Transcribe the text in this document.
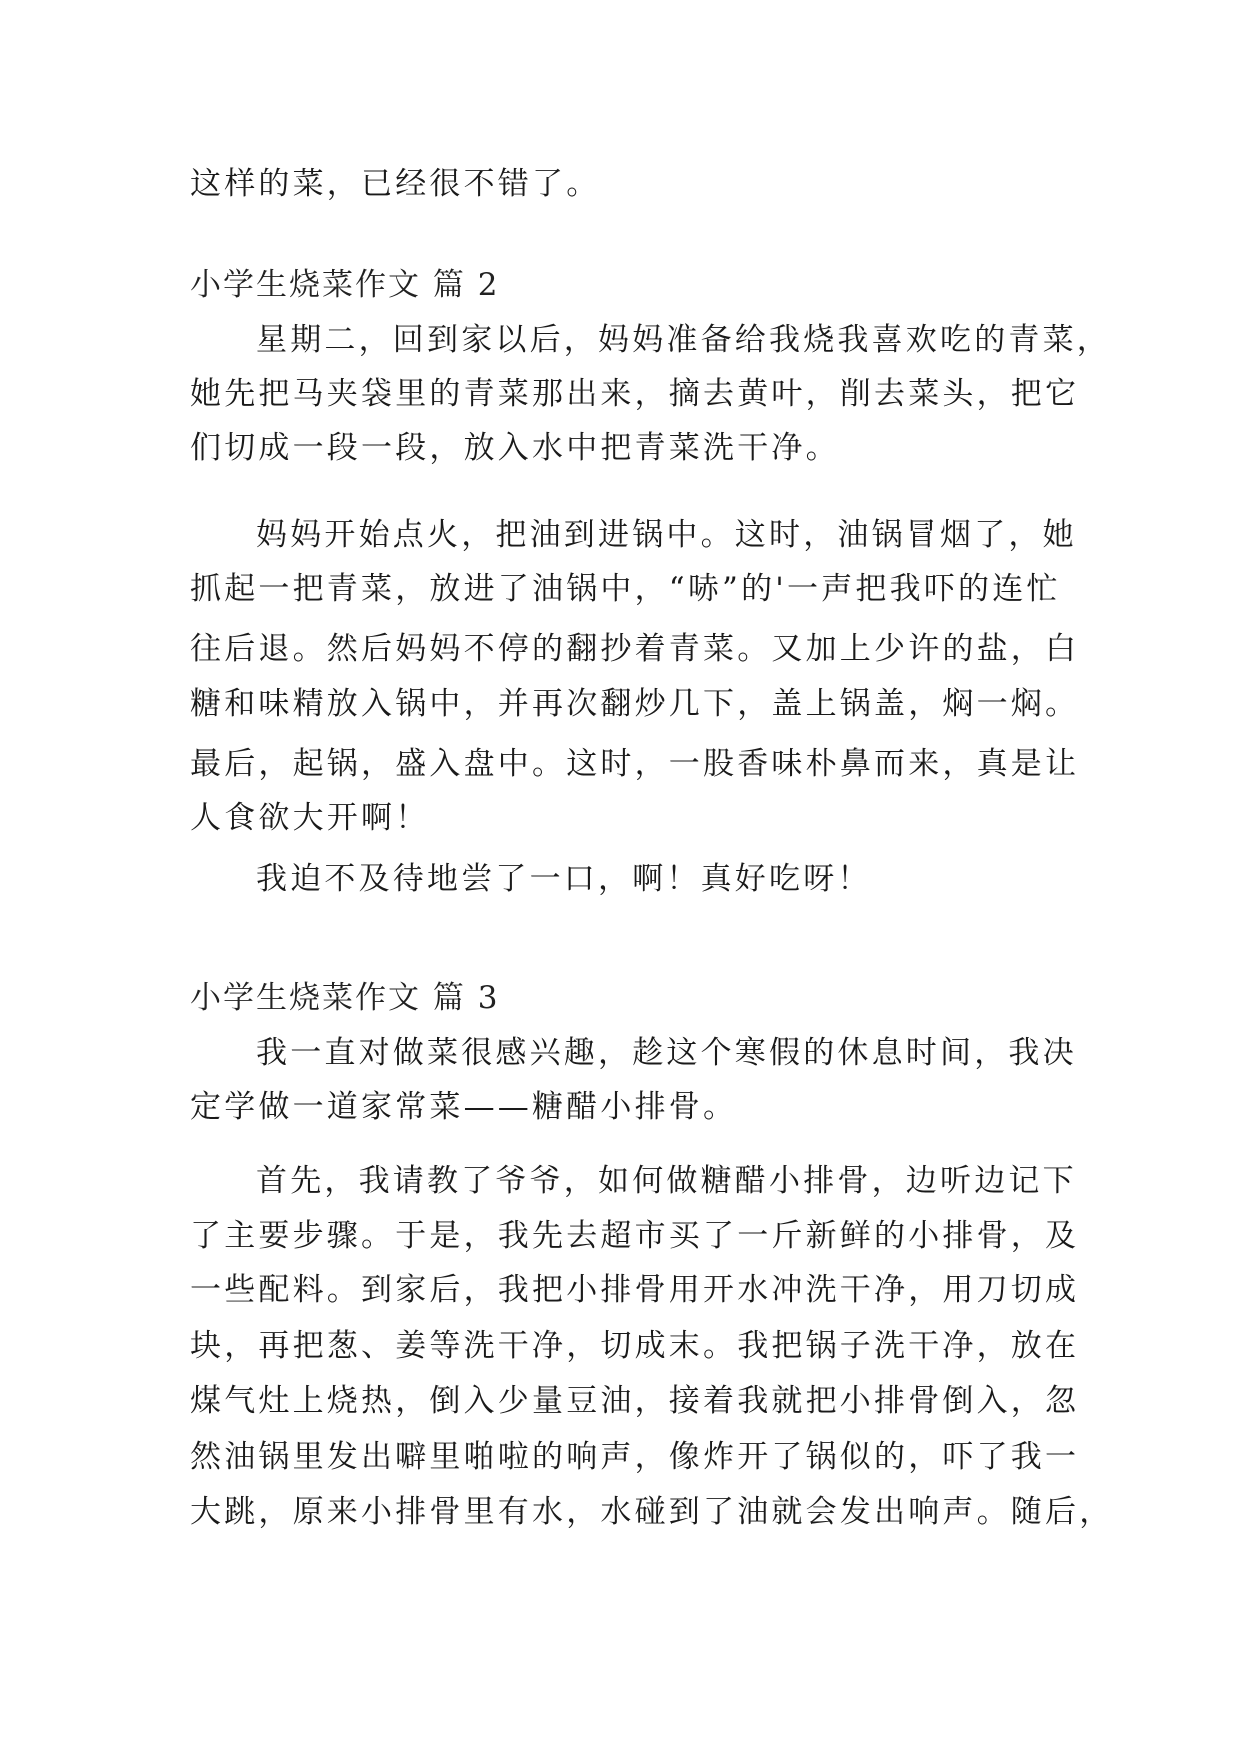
这样的菜，已经很不错了。
小学生烧菜作文 篇 2
星期二，回到家以后，妈妈准备给我烧我喜欢吃的青菜，
她先把马夹袋里的青菜那出来，摘去黄叶，削去菜头，把它
们切成一段一段，放入水中把青菜洗干净。
妈妈开始点火，把油到进锅中。这时，油锅冒烟了，她
抓起一把青菜，放进了油锅中，“哧”的'一声把我吓的连忙
往后退。然后妈妈不停的翻抄着青菜。又加上少许的盐，白
糖和味精放入锅中，并再次翻炒几下，盖上锅盖，焖一焖。
最后，起锅，盛入盘中。这时，一股香味朴鼻而来，真是让
人食欲大开啊！
我迫不及待地尝了一口，啊！真好吃呀！
小学生烧菜作文 篇 3
我一直对做菜很感兴趣，趁这个寒假的休息时间，我决
定学做一道家常菜——糖醋小排骨。
首先，我请教了爷爷，如何做糖醋小排骨，边听边记下
了主要步骤。于是，我先去超市买了一斤新鲜的小排骨，及
一些配料。到家后，我把小排骨用开水冲洗干净，用刀切成
块，再把葱、姜等洗干净，切成末。我把锅子洗干净，放在
煤气灶上烧热，倒入少量豆油，接着我就把小排骨倒入，忽
然油锅里发出噼里啪啦的响声，像炸开了锅似的，吓了我一
大跳，原来小排骨里有水，水碰到了油就会发出响声。随后，
